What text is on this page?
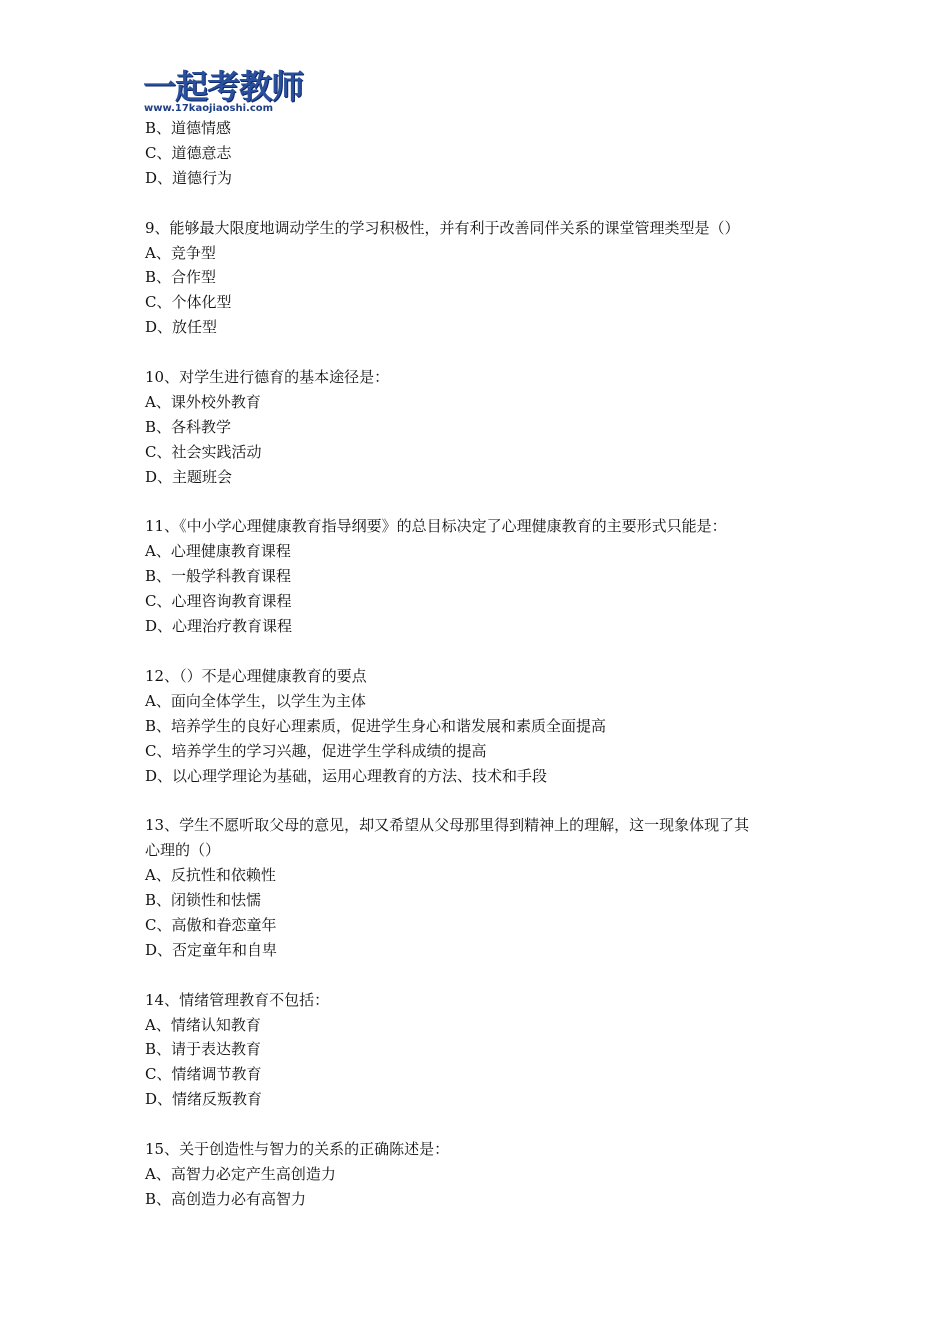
一起考教师
www.17kaojiaoshi.com

B、道德情感

C、道德意志

D、道德行为

9、能够最大限度地调动学生的学习积极性，并有利于改善同伴关系的课堂管理类型是（）

A、竞争型

B、合作型

C、个体化型

D、放任型

10、对学生进行德育的基本途径是：

A、课外校外教育

B、各科教学

C、社会实践活动

D、主题班会

11、《中小学心理健康教育指导纲要》的总目标决定了心理健康教育的主要形式只能是：

A、心理健康教育课程

B、一般学科教育课程

C、心理咨询教育课程

D、心理治疗教育课程

12、（）不是心理健康教育的要点

A、面向全体学生，以学生为主体

B、培养学生的良好心理素质，促进学生身心和谐发展和素质全面提高

C、培养学生的学习兴趣，促进学生学科成绩的提高

D、以心理学理论为基础，运用心理教育的方法、技术和手段

13、学生不愿听取父母的意见，却又希望从父母那里得到精神上的理解，这一现象体现了其

心理的（）

A、反抗性和依赖性

B、闭锁性和怯懦

C、高傲和眷恋童年

D、否定童年和自卑

14、情绪管理教育不包括：

A、情绪认知教育

B、请于表达教育

C、情绪调节教育

D、情绪反叛教育

15、关于创造性与智力的关系的正确陈述是：

A、高智力必定产生高创造力

B、高创造力必有高智力
